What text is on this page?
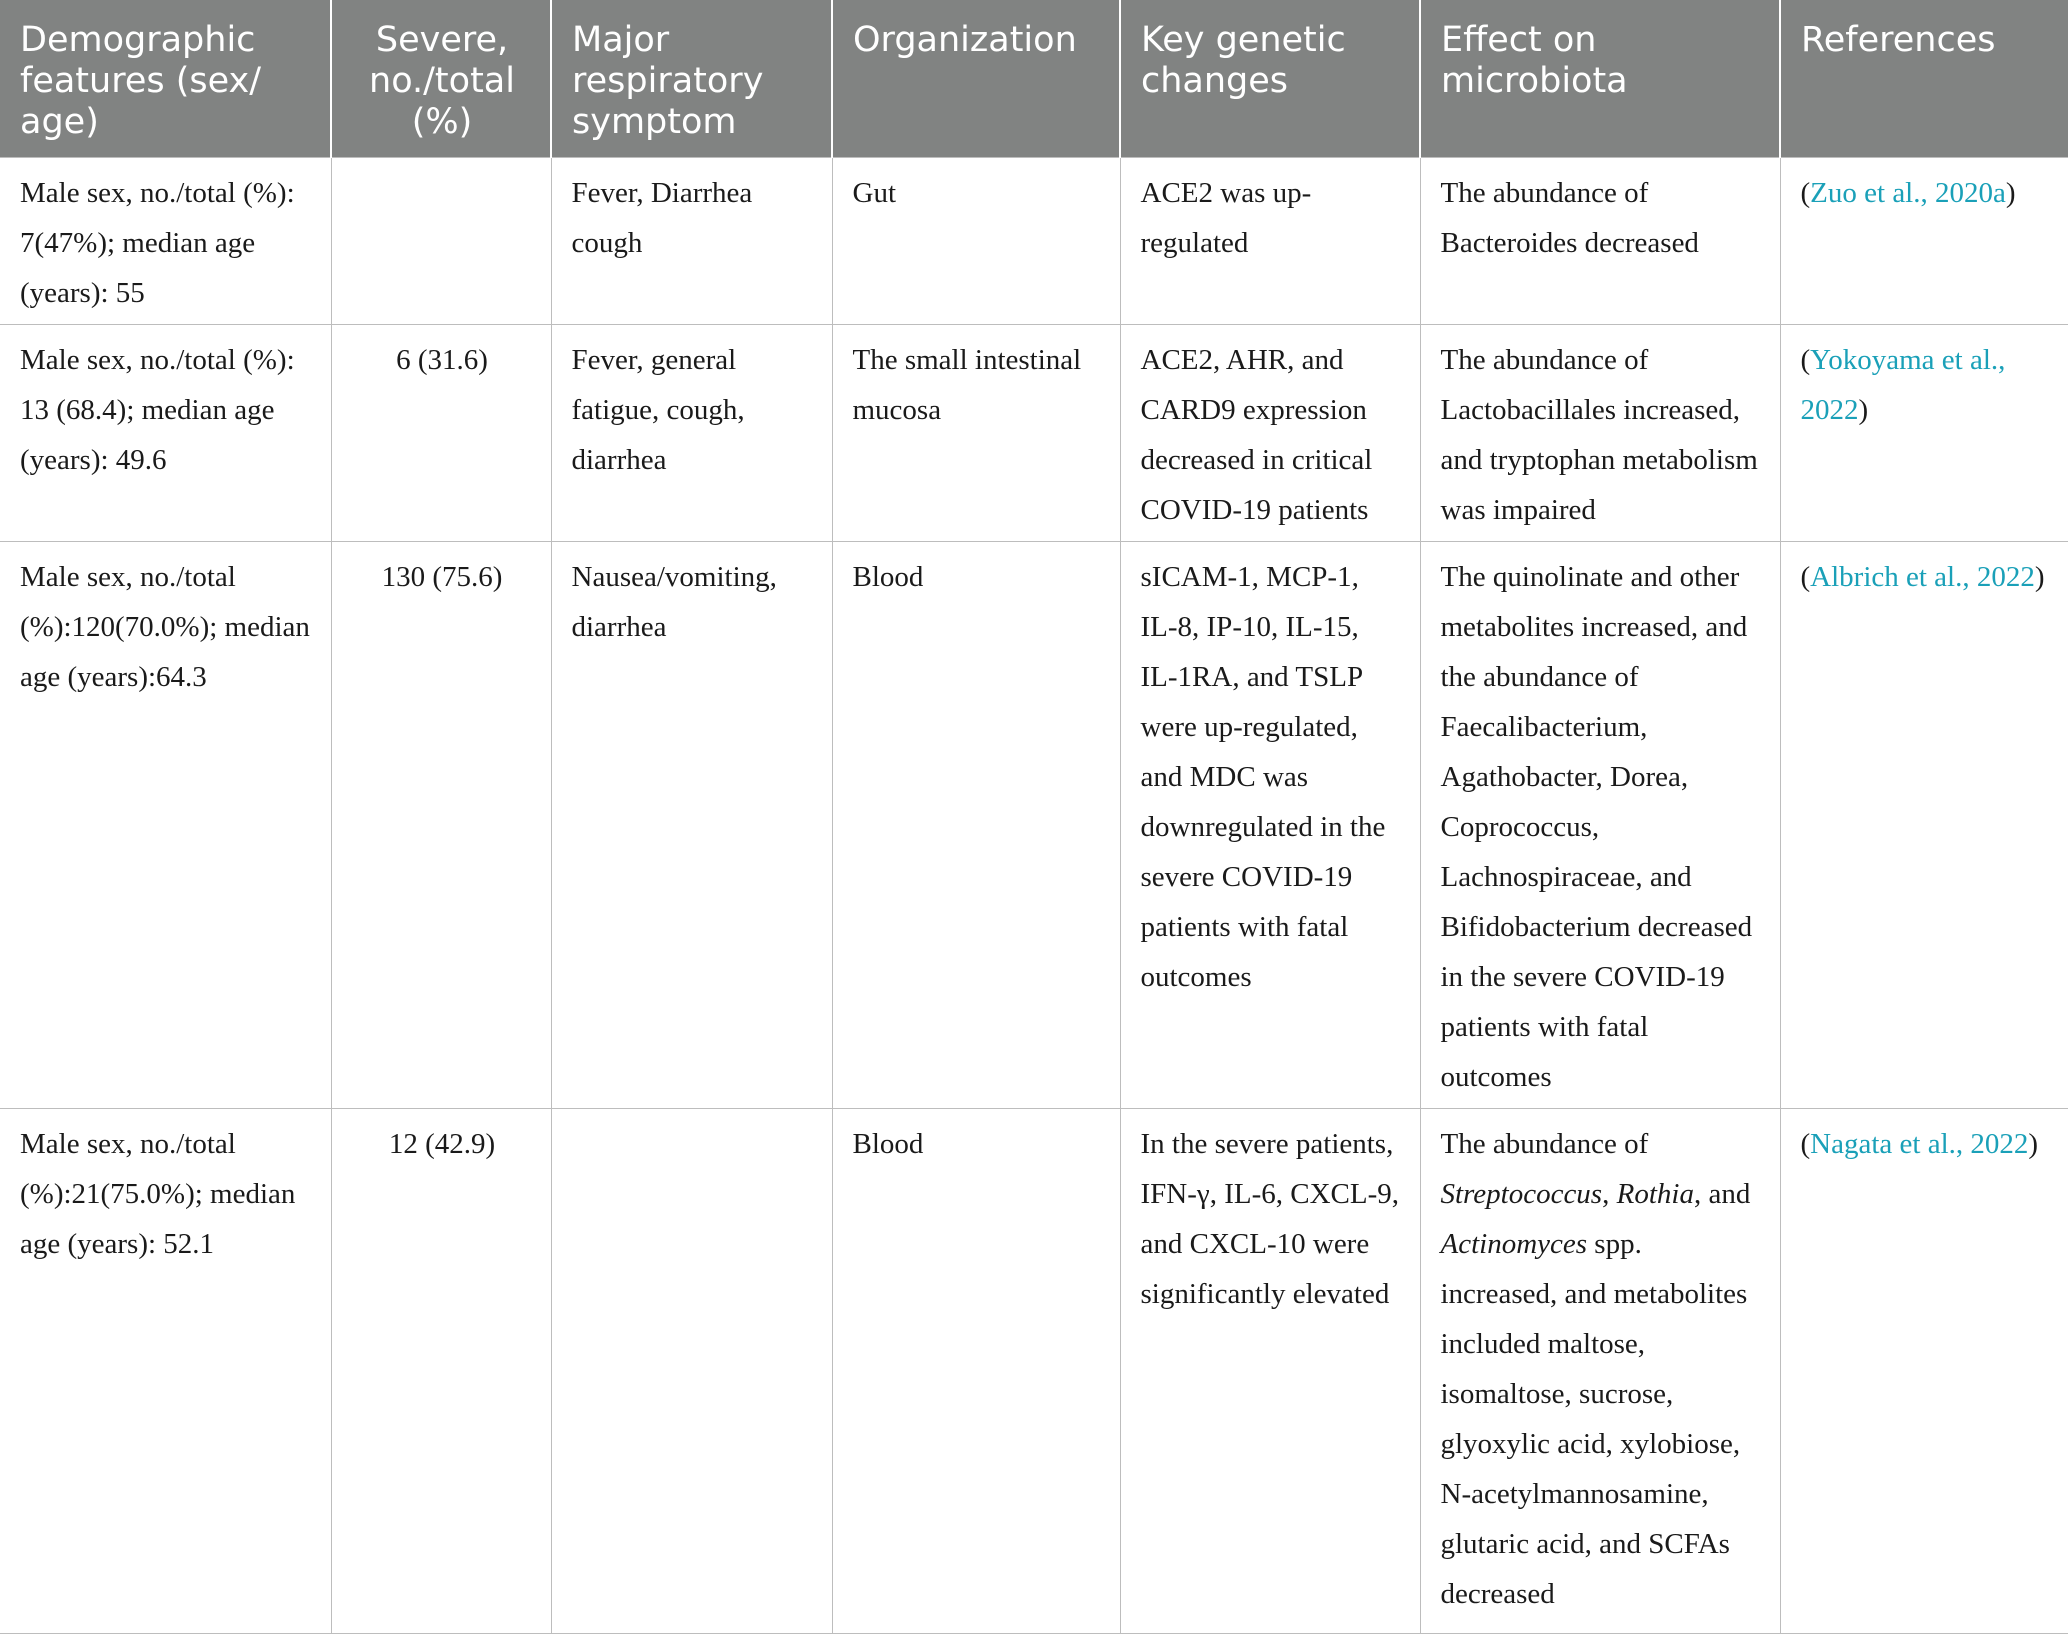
Demographic features (sex/ age)	Severe, no./total (%)	Major respiratory symptom	Organization	Key genetic changes	Effect on microbiota	References
Male sex, no./total (%): 7(47%); median age (years): 55		Fever, Diarrhea cough	Gut	ACE2 was up-regulated	The abundance of Bacteroides decreased	(Zuo et al., 2020a)
Male sex, no./total (%): 13 (68.4); median age (years): 49.6	6 (31.6)	Fever, general fatigue, cough, diarrhea	The small intestinal mucosa	ACE2, AHR, and CARD9 expression decreased in critical COVID-19 patients	The abundance of Lactobacillales increased, and tryptophan metabolism was impaired	(Yokoyama et al., 2022)
Male sex, no./total (%):120(70.0%); median age (years):64.3	130 (75.6)	Nausea/vomiting, diarrhea	Blood	sICAM-1, MCP-1, IL-8, IP-10, IL-15, IL-1RA, and TSLP were up-regulated, and MDC was downregulated in the severe COVID-19 patients with fatal outcomes	The quinolinate and other metabolites increased, and the abundance of Faecalibacterium, Agathobacter, Dorea, Coprococcus, Lachnospiraceae, and Bifidobacterium decreased in the severe COVID-19 patients with fatal outcomes	(Albrich et al., 2022)
Male sex, no./total (%):21(75.0%); median age (years): 52.1	12 (42.9)		Blood	In the severe patients, IFN-γ, IL-6, CXCL-9, and CXCL-10 were significantly elevated	The abundance of Streptococcus, Rothia, and Actinomyces spp. increased, and metabolites included maltose, isomaltose, sucrose, glyoxylic acid, xylobiose, N-acetylmannosamine, glutaric acid, and SCFAs decreased	(Nagata et al., 2022)
